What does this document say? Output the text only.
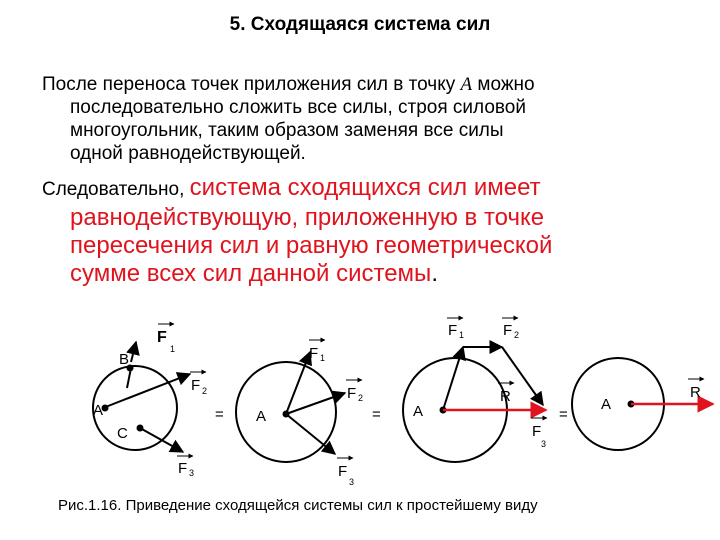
5. Сходящаяся система сил
После переноса точек приложения сил в точку A можно
последовательно сложить все силы, строя силовой
многоугольник, таким образом заменяя все силы
одной равнодействующей.
Следовательно, система сходящихся сил имеет
равнодействующую, приложенную в точке
пересечения сил и равную геометрической
сумме всех сил данной системы.
B
A
C
F
1
F 2
F 3
= A
F 1
F 2
F
3
= A
F 1	F 2
R
F
3
=
A
R
Рис.1.16. Приведение сходящейся системы сил к простейшему виду
